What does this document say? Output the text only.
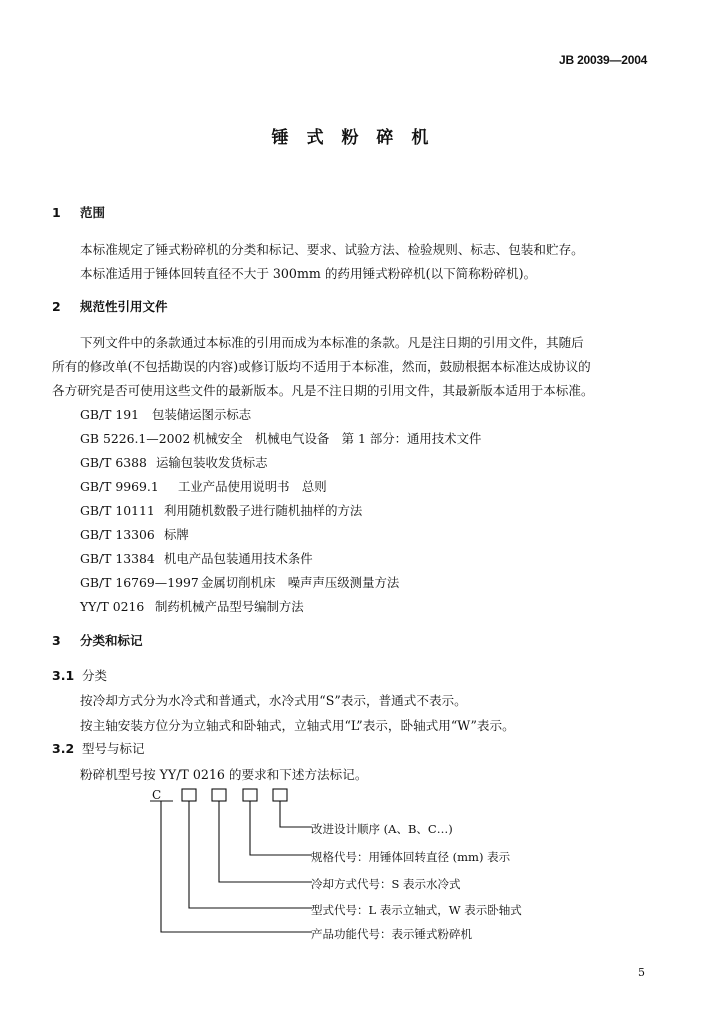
JB 20039—2004
锤 式 粉 碎 机
1 范围
本标准规定了锤式粉碎机的分类和标记、要求、试验方法、检验规则、标志、包装和贮存。
本标准适用于锤体回转直径不大于 300mm 的药用锤式粉碎机(以下简称粉碎机)。
2 规范性引用文件
下列文件中的条款通过本标准的引用而成为本标准的条款。凡是注日期的引用文件，其随后
所有的修改单(不包括勘误的内容)或修订版均不适用于本标准，然而，鼓励根据本标准达成协议的
各方研究是否可使用这些文件的最新版本。凡是不注日期的引用文件，其最新版本适用于本标准。
GB/T 191 包装储运图示标志
GB 5226.1—2002 机械安全　机械电气设备　第 1 部分：通用技术文件
GB/T 6388 运输包装收发货标志
GB/T 9969.1 工业产品使用说明书　总则
GB/T 10111 利用随机数骰子进行随机抽样的方法
GB/T 13306 标牌
GB/T 13384 机电产品包装通用技术条件
GB/T 16769—1997 金属切削机床　噪声声压级测量方法
YY/T 0216 制药机械产品型号编制方法
3 分类和标记
3.1 分类
按冷却方式分为水冷式和普通式，水冷式用“S”表示，普通式不表示。
按主轴安装方位分为立轴式和卧轴式，立轴式用“L”表示，卧轴式用“W”表示。
3.2 型号与标记
粉碎机型号按 YY/T 0216 的要求和下述方法标记。
C
改进设计顺序 (A、B、C…)
规格代号：用锤体回转直径 (mm) 表示
冷却方式代号：S 表示水冷式
型式代号：L 表示立轴式，W 表示卧轴式
产品功能代号：表示锤式粉碎机
5
